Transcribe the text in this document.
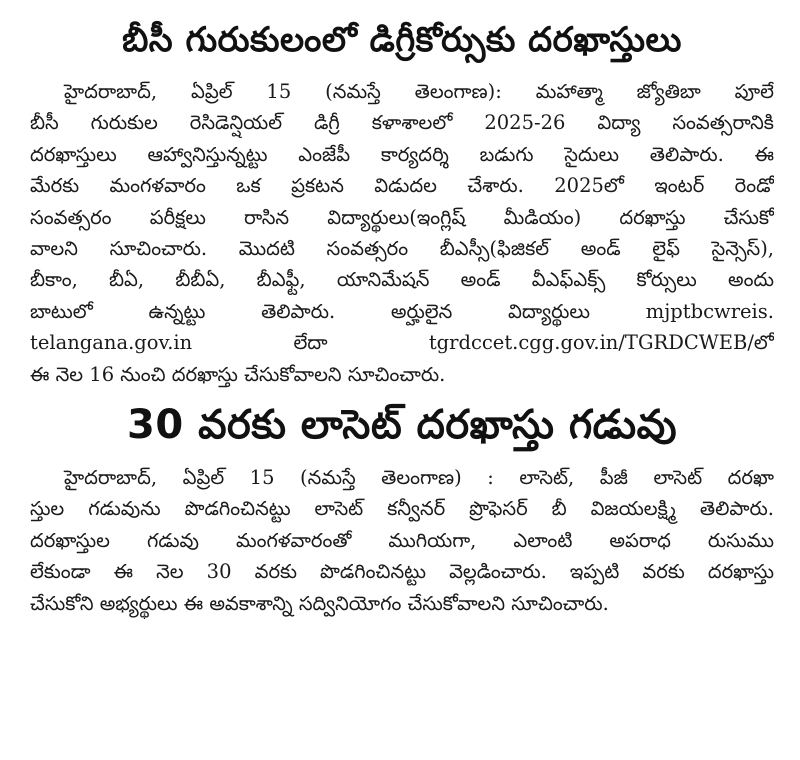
బీసీ గురుకులంలో డిగ్రీకోర్సుకు దరఖాస్తులు
హైదరాబాద్, ఏప్రిల్ 15 (నమస్తే తెలంగాణ): మహాత్మా జ్యోతిబా పూలే
బీసీ గురుకుల రెసిడెన్షియల్ డిగ్రీ కళాశాలలో 2025-26 విద్యా సంవత్సరానికి
దరఖాస్తులు ఆహ్వానిస్తున్నట్టు ఎంజేపీ కార్యదర్శి బడుగు సైదులు తెలిపారు. ఈ
మేరకు మంగళవారం ఒక ప్రకటన విడుదల చేశారు. 2025లో ఇంటర్ రెండో
సంవత్సరం పరీక్షలు రాసిన విద్యార్థులు(ఇంగ్లిష్ మీడియం) దరఖాస్తు చేసుకో
వాలని సూచించారు. మొదటి సంవత్సరం బీఎస్సీ(ఫిజికల్ అండ్ లైఫ్ సైన్సెస్),
బీకాం, బీఏ, బీబీఏ, బీఎఫ్టీ, యానిమేషన్ అండ్ వీఎఫ్ఎక్స్ కోర్సులు అందు
బాటులో ఉన్నట్టు తెలిపారు. అర్హులైన విద్యార్థులు mjptbcwreis.
telangana.gov.in లేదా tgrdccet.cgg.gov.in/TGRDCWEB/లో
ఈ నెల 16 నుంచి దరఖాస్తు చేసుకోవాలని సూచించారు.
30 వరకు లాసెట్ దరఖాస్తు గడువు
హైదరాబాద్, ఏప్రిల్ 15 (నమస్తే తెలంగాణ) : లాసెట్, పీజీ లాసెట్ దరఖా
స్తుల గడువును పొడగించినట్టు లాసెట్ కన్వీనర్ ప్రొఫెసర్ బీ విజయలక్ష్మి తెలిపారు.
దరఖాస్తుల గడువు మంగళవారంతో ముగియగా, ఎలాంటి అపరాధ రుసుము
లేకుండా ఈ నెల 30 వరకు పొడగించినట్టు వెల్లడించారు. ఇప్పటి వరకు దరఖాస్తు
చేసుకోని అభ్యర్థులు ఈ అవకాశాన్ని సద్వినియోగం చేసుకోవాలని సూచించారు.
